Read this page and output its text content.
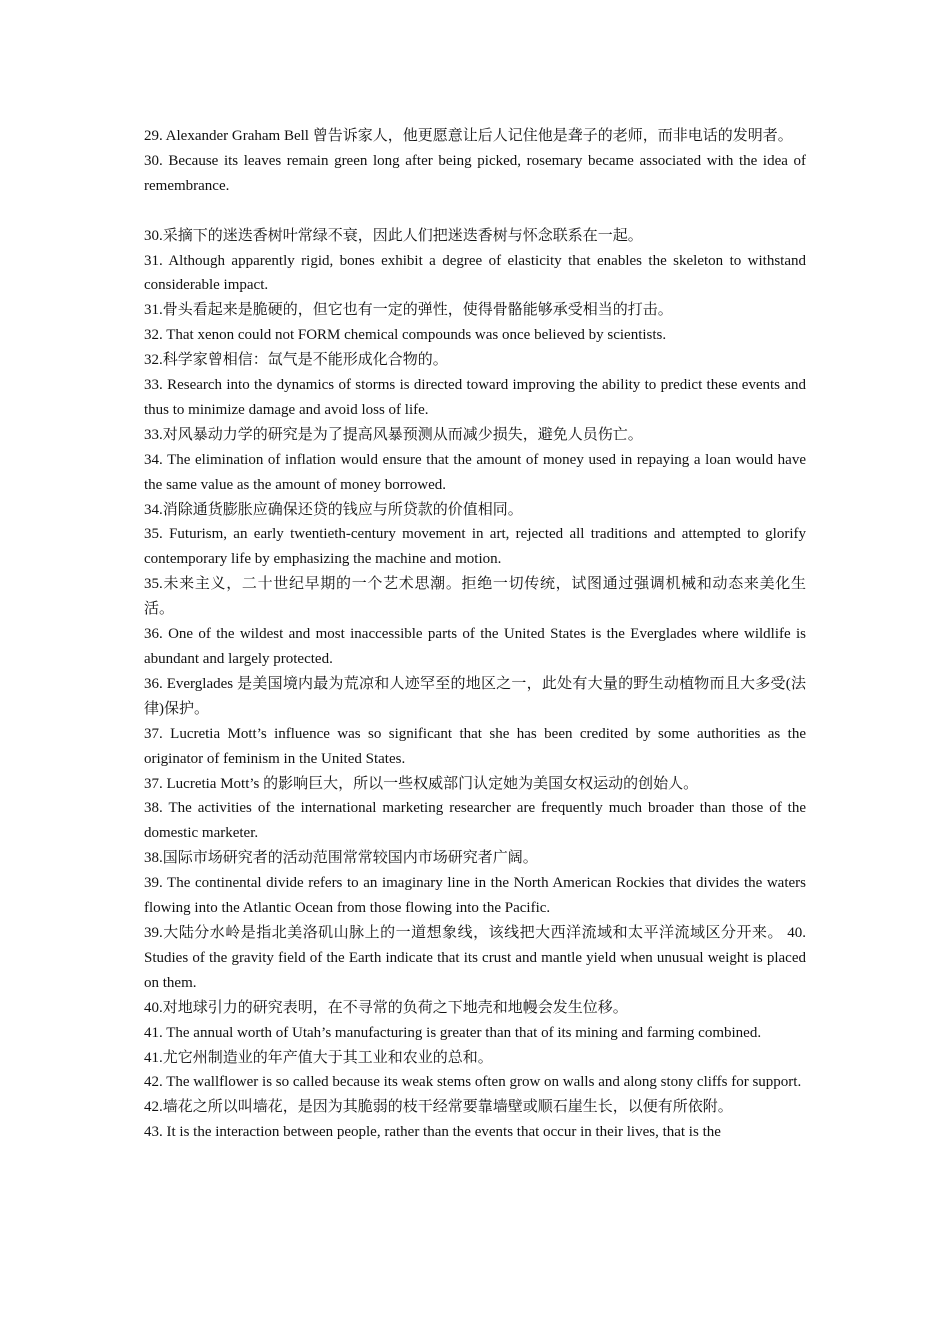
29. Alexander Graham Bell 曾告诉家人，他更愿意让后人记住他是聋子的老师，而非电话的发明者。

30. Because its leaves remain green long after being picked, rosemary became associated with the idea of remembrance.

30.采摘下的迷迭香树叶常绿不衰，因此人们把迷迭香树与怀念联系在一起。

31. Although apparently rigid, bones exhibit a degree of elasticity that enables the skeleton to withstand considerable impact.

31.骨头看起来是脆硬的，但它也有一定的弹性，使得骨骼能够承受相当的打击。

32. That xenon could not FORM chemical compounds was once believed by scientists.

32.科学家曾相信：氙气是不能形成化合物的。

33. Research into the dynamics of storms is directed toward improving the ability to predict these events and thus to minimize damage and avoid loss of life.

33.对风暴动力学的研究是为了提高风暴预测从而减少损失，避免人员伤亡。

34. The elimination of inflation would ensure that the amount of money used in repaying a loan would have the same value as the amount of money borrowed.

34.消除通货膨胀应确保还贷的钱应与所贷款的价值相同。

35. Futurism, an early twentieth-century movement in art, rejected all traditions and attempted to glorify contemporary life by emphasizing the machine and motion.

35.未来主义，二十世纪早期的一个艺术思潮。拒绝一切传统，试图通过强调机械和动态来美化生活。

36. One of the wildest and most inaccessible parts of the United States is the Everglades where wildlife is abundant and largely protected.

36. Everglades 是美国境内最为荒凉和人迹罕至的地区之一，此处有大量的野生动植物而且大多受(法律)保护。

37. Lucretia Mott’s influence was so significant that she has been credited by some authorities as the originator of feminism in the United States.

37. Lucretia Mott’s 的影响巨大，所以一些权威部门认定她为美国女权运动的创始人。

38. The activities of the international marketing researcher are frequently much broader than those of the domestic marketer.

38.国际市场研究者的活动范围常常较国内市场研究者广阔。

39. The continental divide refers to an imaginary line in the North American Rockies that divides the waters flowing into the Atlantic Ocean from those flowing into the Pacific.

39.大陆分水岭是指北美洛矶山脉上的一道想象线，该线把大西洋流域和太平洋流域区分开来。 40. Studies of the gravity field of the Earth indicate that its crust and mantle yield when unusual weight is placed on them.

40.对地球引力的研究表明，在不寻常的负荷之下地壳和地幔会发生位移。

41. The annual worth of Utah’s manufacturing is greater than that of its mining and farming combined.

41.尤它州制造业的年产值大于其工业和农业的总和。

42. The wallflower is so called because its weak stems often grow on walls and along stony cliffs for support.

42.墙花之所以叫墙花，是因为其脆弱的枝干经常要靠墙壁或顺石崖生长，以便有所依附。

43. It is the interaction between people, rather than the events that occur in their lives, that is the
